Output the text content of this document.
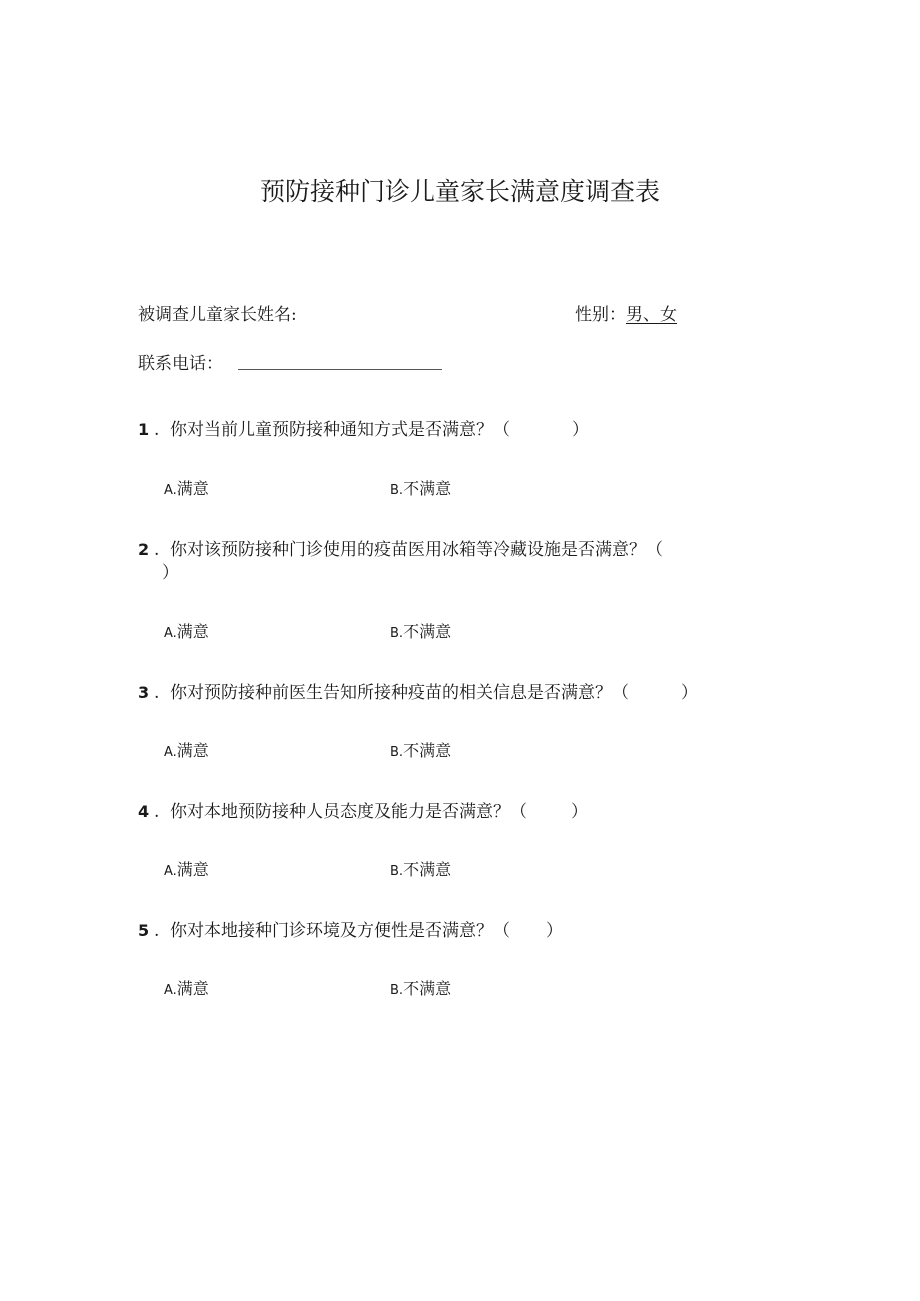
预防接种门诊儿童家长满意度调查表
被调查儿童家长姓名:	性别：男、女
联系电话：
1 . 你对当前儿童预防接种通知方式是否满意？（	）
A.满意	B.不满意
2 . 你对该预防接种门诊使用的疫苗医用冰箱等冷藏设施是否满意？（
）
A.满意	B.不满意
3 . 你对预防接种前医生告知所接种疫苗的相关信息是否满意？（	）
A.满意	B.不满意
4 . 你对本地预防接种人员态度及能力是否满意？（	）
A.满意	B.不满意
5 . 你对本地接种门诊环境及方便性是否满意？（ ）
A.满意	B.不满意
